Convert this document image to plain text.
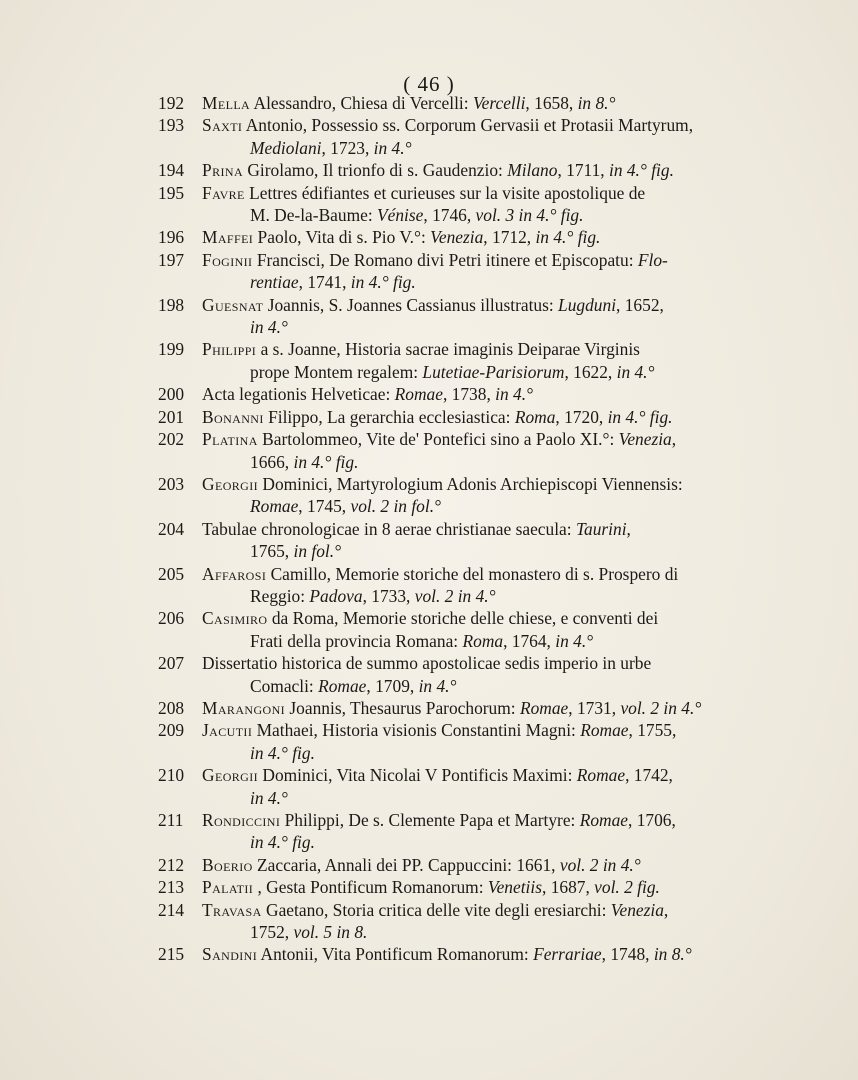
( 46 )
192	Mella Alessandro, Chiesa di Vercelli: Vercelli, 1658, in 8.°
193	Saxti Antonio, Possessio ss. Corporum Gervasii et Protasii Martyrum,
Mediolani, 1723, in 4.°
194	Prina Girolamo, Il trionfo di s. Gaudenzio: Milano, 1711, in 4.° fig.
195	Favre Lettres édifiantes et curieuses sur la visite apostolique de
M. De-la-Baume: Vénise, 1746, vol. 3 in 4.° fig.
196	Maffei Paolo, Vita di s. Pio V.°: Venezia, 1712, in 4.° fig.
197	Foginii Francisci, De Romano divi Petri itinere et Episcopatu: Flo-
rentiae, 1741, in 4.° fig.
198	Guesnat Joannis, S. Joannes Cassianus illustratus: Lugduni, 1652,
in 4.°
199	Philippi a s. Joanne, Historia sacrae imaginis Deiparae Virginis
prope Montem regalem: Lutetiae-Parisiorum, 1622, in 4.°
200	Acta legationis Helveticae: Romae, 1738, in 4.°
201	Bonanni Filippo, La gerarchia ecclesiastica: Roma, 1720, in 4.° fig.
202	Platina Bartolommeo, Vite de' Pontefici sino a Paolo XI.°: Venezia,
1666, in 4.° fig.
203	Georgii Dominici, Martyrologium Adonis Archiepiscopi Viennensis:
Romae, 1745, vol. 2 in fol.°
204	Tabulae chronologicae in 8 aerae christianae saecula: Taurini,
1765, in fol.°
205	Affarosi Camillo, Memorie storiche del monastero di s. Prospero di
Reggio: Padova, 1733, vol. 2 in 4.°
206	Casimiro da Roma, Memorie storiche delle chiese, e conventi dei
Frati della provincia Romana: Roma, 1764, in 4.°
207	Dissertatio historica de summo apostolicae sedis imperio in urbe
Comacli: Romae, 1709, in 4.°
208	Marangoni Joannis, Thesaurus Parochorum: Romae, 1731, vol. 2 in 4.°
209	Jacutii Mathaei, Historia visionis Constantini Magni: Romae, 1755,
in 4.° fig.
210	Georgii Dominici, Vita Nicolai V Pontificis Maximi: Romae, 1742,
in 4.°
211	Rondiccini Philippi, De s. Clemente Papa et Martyre: Romae, 1706,
in 4.° fig.
212	Boerio Zaccaria, Annali dei PP. Cappuccini: 1661, vol. 2 in 4.°
213	Palatii , Gesta Pontificum Romanorum: Venetiis, 1687, vol. 2 fig.
214	Travasa Gaetano, Storia critica delle vite degli eresiarchi: Venezia,
1752, vol. 5 in 8.
215	Sandini Antonii, Vita Pontificum Romanorum: Ferrariae, 1748, in 8.°
